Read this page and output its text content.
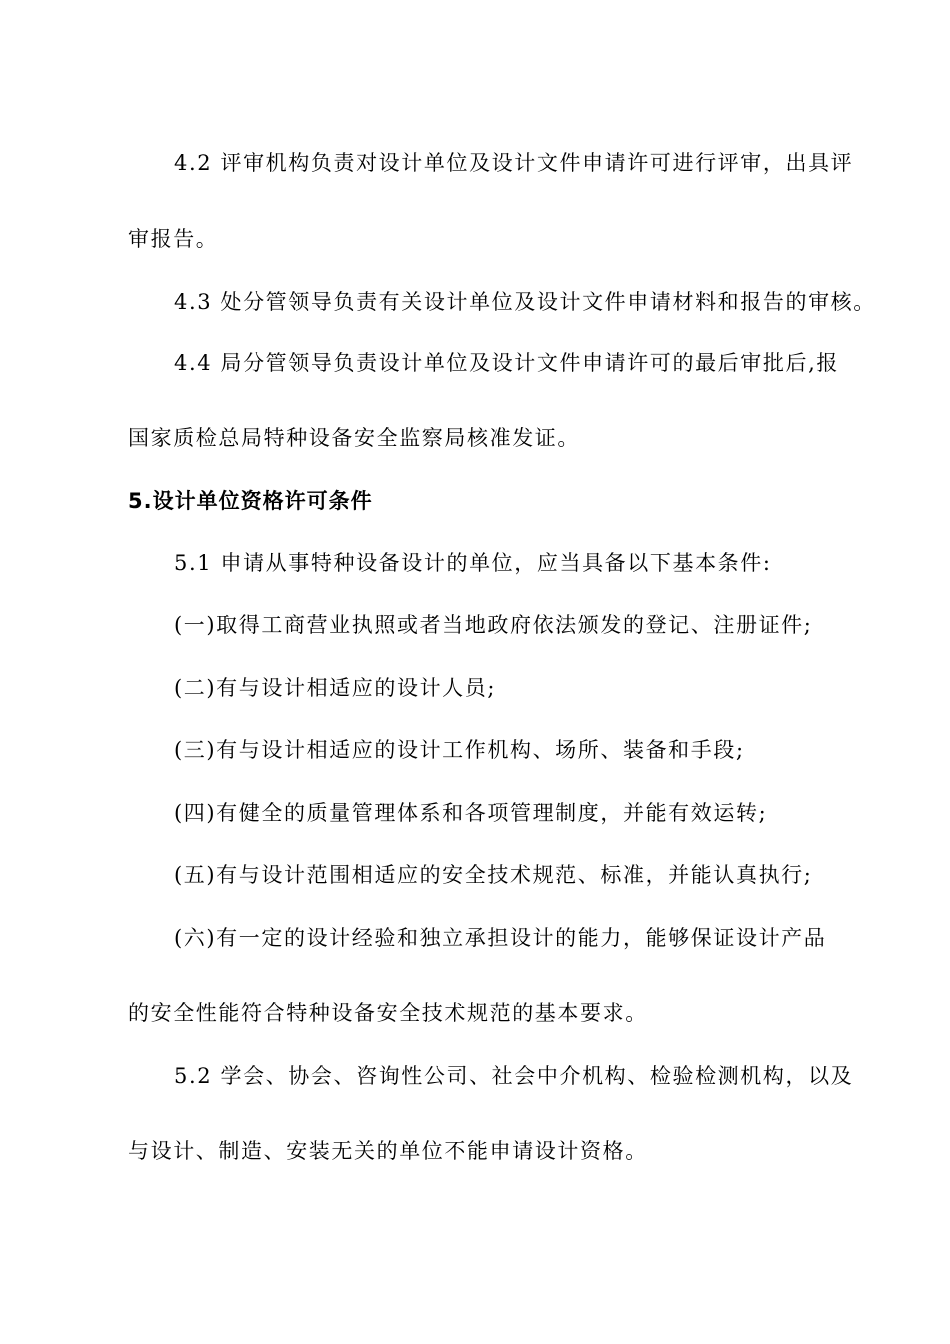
4.2 评审机构负责对设计单位及设计文件申请许可进行评审，出具评
审报告。
4.3 处分管领导负责有关设计单位及设计文件申请材料和报告的审核。
4.4 局分管领导负责设计单位及设计文件申请许可的最后审批后,报
国家质检总局特种设备安全监察局核准发证。
5.设计单位资格许可条件
5.1 申请从事特种设备设计的单位，应当具备以下基本条件:
(一)取得工商营业执照或者当地政府依法颁发的登记、注册证件;
(二)有与设计相适应的设计人员;
(三)有与设计相适应的设计工作机构、场所、装备和手段;
(四)有健全的质量管理体系和各项管理制度，并能有效运转;
(五)有与设计范围相适应的安全技术规范、标准，并能认真执行;
(六)有一定的设计经验和独立承担设计的能力，能够保证设计产品
的安全性能符合特种设备安全技术规范的基本要求。
5.2 学会、协会、咨询性公司、社会中介机构、检验检测机构，以及
与设计、制造、安装无关的单位不能申请设计资格。
